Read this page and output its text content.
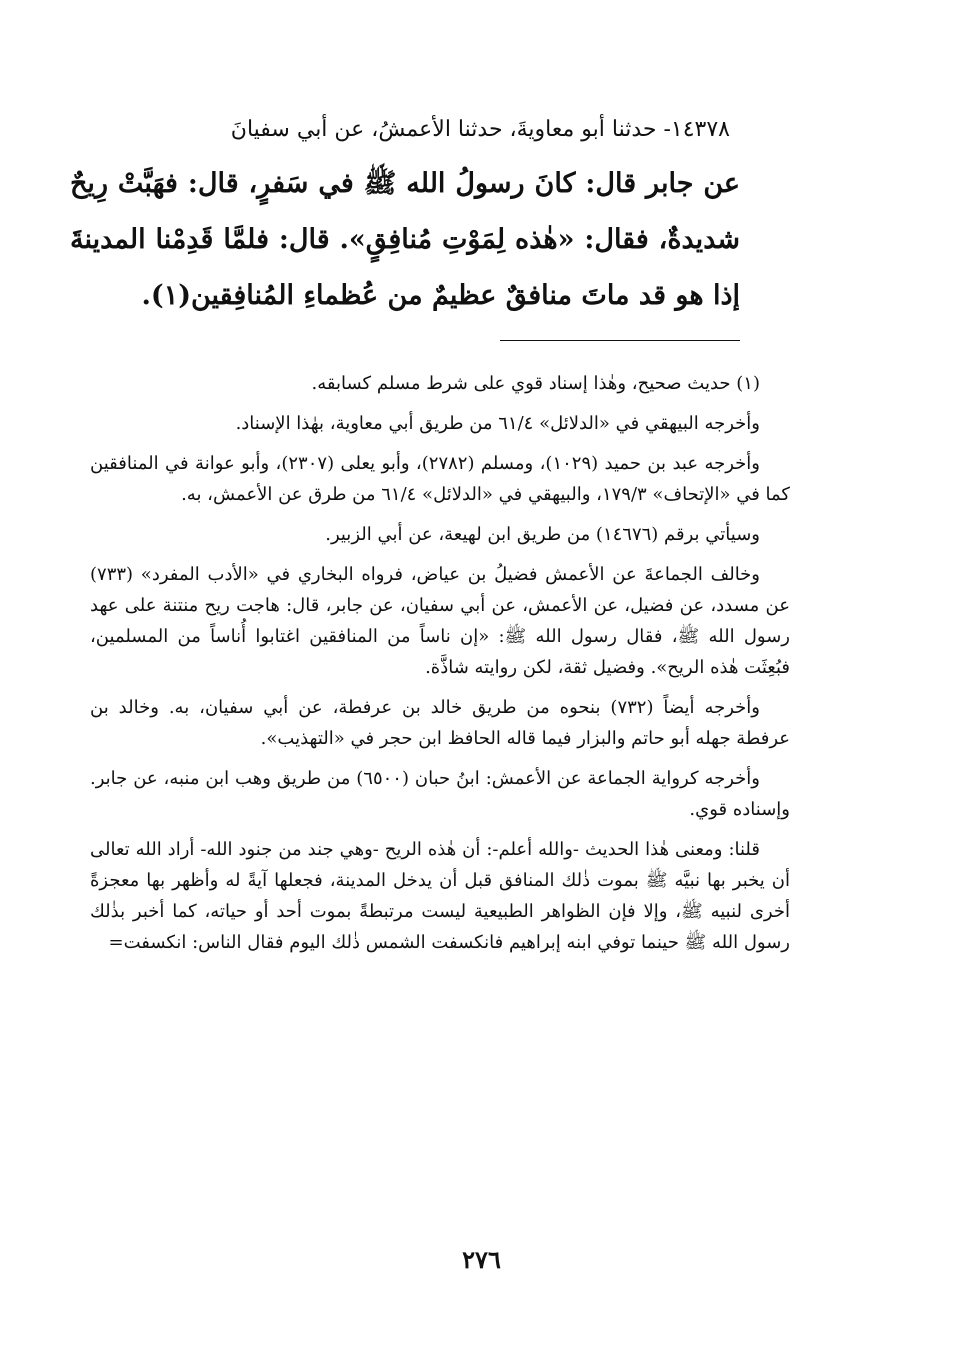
١٤٣٧٨- حدثنا أبو معاويةَ، حدثنا الأعمشُ، عن أبي سفيانَ

عن جابر قال: كانَ رسولُ الله ﷺ في سَفرٍ، قال: فهَبَّتْ رِيحٌ شديدةٌ، فقال: «هٰذه لِمَوْتِ مُنافِقٍ». قال: فلمَّا قَدِمْنا المدينةَ إذا هو قد ماتَ منافقٌ عظيمٌ من عُظماءِ المُنافِقين(١).

(١) حديث صحيح، وهٰذا إسناد قوي على شرط مسلم كسابقه.

وأخرجه البيهقي في «الدلائل» ٦١/٤ من طريق أبي معاوية، بهٰذا الإسناد.

وأخرجه عبد بن حميد (١٠٢٩)، ومسلم (٢٧٨٢)، وأبو يعلى (٢٣٠٧)، وأبو عوانة في المنافقين كما في «الإتحاف» ١٧٩/٣، والبيهقي في «الدلائل» ٦١/٤ من طرق عن الأعمش، به.

وسيأتي برقم (١٤٦٧٦) من طريق ابن لهيعة، عن أبي الزبير.

وخالف الجماعةَ عن الأعمش فضيلُ بن عياض، فرواه البخاري في «الأدب المفرد» (٧٣٣) عن مسدد، عن فضيل، عن الأعمش، عن أبي سفيان، عن جابر، قال: هاجت ريح منتنة على عهد رسول الله ﷺ، فقال رسول الله ﷺ: «إن ناساً من المنافقين اغتابوا أُناساً من المسلمين، فبُعِثَت هٰذه الريح». وفضيل ثقة، لكن روايته شاذَّة.

وأخرجه أيضاً (٧٣٢) بنحوه من طريق خالد بن عرفطة، عن أبي سفيان، به. وخالد بن عرفطة جهله أبو حاتم والبزار فيما قاله الحافظ ابن حجر في «التهذيب».

وأخرجه كرواية الجماعة عن الأعمش: ابنُ حبان (٦٥٠٠) من طريق وهب ابن منبه، عن جابر. وإسناده قوي.

قلنا: ومعنى هٰذا الحديث -والله أعلم-: أن هٰذه الريح -وهي جند من جنود الله- أراد الله تعالى أن يخبر بها نبيَّه ﷺ بموت ذٰلك المنافق قبل أن يدخل المدينة، فجعلها آيةً له وأظهر بها معجزةً أخرى لنبيه ﷺ، وإلا فإن الظواهر الطبيعية ليست مرتبطةً بموت أحد أو حياته، كما أخبر بذٰلك رسول الله ﷺ حينما توفي ابنه إبراهيم فانكسفت الشمس ذٰلك اليوم فقال الناس: انكسفت=

٢٧٦
